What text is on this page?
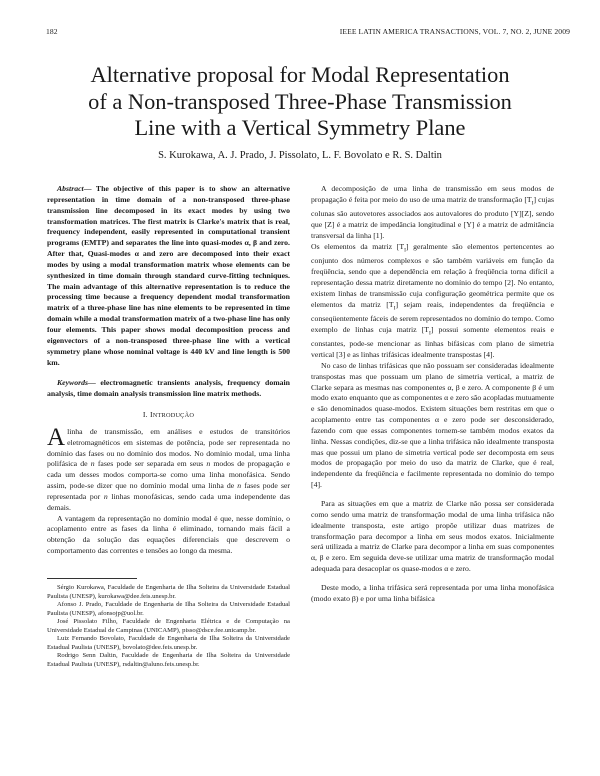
182	IEEE LATIN AMERICA TRANSACTIONS, VOL. 7, NO. 2, JUNE 2009
Alternative proposal for Modal Representation
of a Non-transposed Three-Phase Transmission
Line with a Vertical Symmetry Plane
S. Kurokawa, A. J. Prado, J. Pissolato, L. F. Bovolato e R. S. Daltin

Abstract— The objective of this paper is to show an alternative representation in time domain of a non-transposed three-phase transmission line decomposed in its exact modes by using two transformation matrices. The first matrix is Clarke's matrix that is real, frequency independent, easily represented in computational transient programs (EMTP) and separates the line into quasi-modes α, β and zero. After that, Quasi-modes α and zero are decomposed into their exact modes by using a modal transformation matrix whose elements can be synthesized in time domain through standard curve-fitting techniques. The main advantage of this alternative representation is to reduce the processing time because a frequency dependent modal transformation matrix of a three-phase line has nine elements to be represented in time domain while a modal transformation matrix of a two-phase line has only four elements. This paper shows modal decomposition process and eigenvectors of a non-transposed three-phase line with a vertical symmetry plane whose nominal voltage is 440 kV and line length is 500 km.

Keywords— electromagnetic transients analysis, frequency domain analysis, time domain analysis transmission line matrix methods.

I. INTRODUÇÃO

Alinha de transmissão, em análises e estudos de transitórios eletromagnéticos em sistemas de potência, pode ser representada no domínio das fases ou no domínio dos modos. No domínio modal, uma linha polifásica de n fases pode ser separada em seus n modos de propagação e cada um desses modos comporta-se como uma linha monofásica. Sendo assim, pode-se dizer que no domínio modal uma linha de n fases pode ser representada por n linhas monofásicas, sendo cada uma independente das demais.

A vantagem da representação no domínio modal é que, nesse domínio, o acoplamento entre as fases da linha é eliminado, tornando mais fácil a obtenção da solução das equações diferenciais que descrevem o comportamento das correntes e tensões ao longo da mesma.

Sérgio Kurokawa, Faculdade de Engenharia de Ilha Solteira da Universidade Estadual Paulista (UNESP), kurokawa@dee.feis.unesp.br.

Afonso J. Prado, Faculdade de Engenharia de Ilha Solteira da Universidade Estadual Paulista (UNESP), afonsojp@uol.br.

José Pissolato Filho, Faculdade de Engenharia Elétrica e de Computação na Universidade Estadual de Campinas (UNICAMP), pisso@dsce.fee.unicamp.br.

Luiz Fernando Bovolato, Faculdade de Engenharia de Ilha Solteira da Universidade Estadual Paulista (UNESP), bovolato@dee.feis.unesp.br.

Rodrigo Senn Daltin, Faculdade de Engenharia de Ilha Solteira da Universidade Estadual Paulista (UNESP), rsdaltin@aluno.feis.unesp.br.

A decomposição de uma linha de transmissão em seus modos de propagação é feita por meio do uso de uma matriz de transformação $[T_I]$ cujas colunas são autovetores associados aos autovalores do produto [Y][Z], sendo que [Z] é a matriz de impedância longitudinal e [Y] é a matriz de admitância transversal da linha [1].

Os elementos da matriz $[T_I]$ geralmente são elementos pertencentes ao conjunto dos números complexos e são também variáveis em função da freqüência, sendo que a dependência em relação à freqüência torna difícil a representação dessa matriz diretamente no domínio do tempo [2]. No entanto, existem linhas de transmissão cuja configuração geométrica permite que os elementos da matriz $[T_I]$ sejam reais, independentes da freqüência e conseqüentemente fáceis de serem representados no domínio do tempo. Como exemplo de linhas cuja matriz $[T_I]$ possui somente elementos reais e constantes, pode-se mencionar as linhas bifásicas com plano de simetria vertical [3] e as linhas trifásicas idealmente transpostas [4].

No caso de linhas trifásicas que não possuam ser consideradas idealmente transpostas mas que possuam um plano de simetria vertical, a matriz de Clarke separa as mesmas nas componentes α, β e zero. A componente β é um modo exato enquanto que as componentes α e zero são acopladas mutuamente e são denominados quase-modos. Existem situações bem restritas em que o acoplamento entre tas componentes α e zero pode ser desconsiderado, fazendo com que essas componentes tornem-se também modos exatos da linha. Nessas condições, diz-se que a linha trifásica não idealmente transposta mas que possui um plano de simetria vertical pode ser decomposta em seus modos de propagação por meio do uso da matriz de Clarke, que é real, independente da freqüência e facilmente representada no domínio do tempo [4].

Para as situações em que a matriz de Clarke não possa ser considerada como sendo uma matriz de transformação modal de uma linha trifásica não idealmente transposta, este artigo propõe utilizar duas matrizes de transformação para decompor a linha em seus modos exatos. Inicialmente será utilizada a matriz de Clarke para decompor a linha em suas componentes α, β e zero. Em seguida deve-se utilizar uma matriz de transformação modal adequada para desacoplar os quase-modos α e zero.

Deste modo, a linha trifásica será representada por uma linha monofásica (modo exato β) e por uma linha bifásica
